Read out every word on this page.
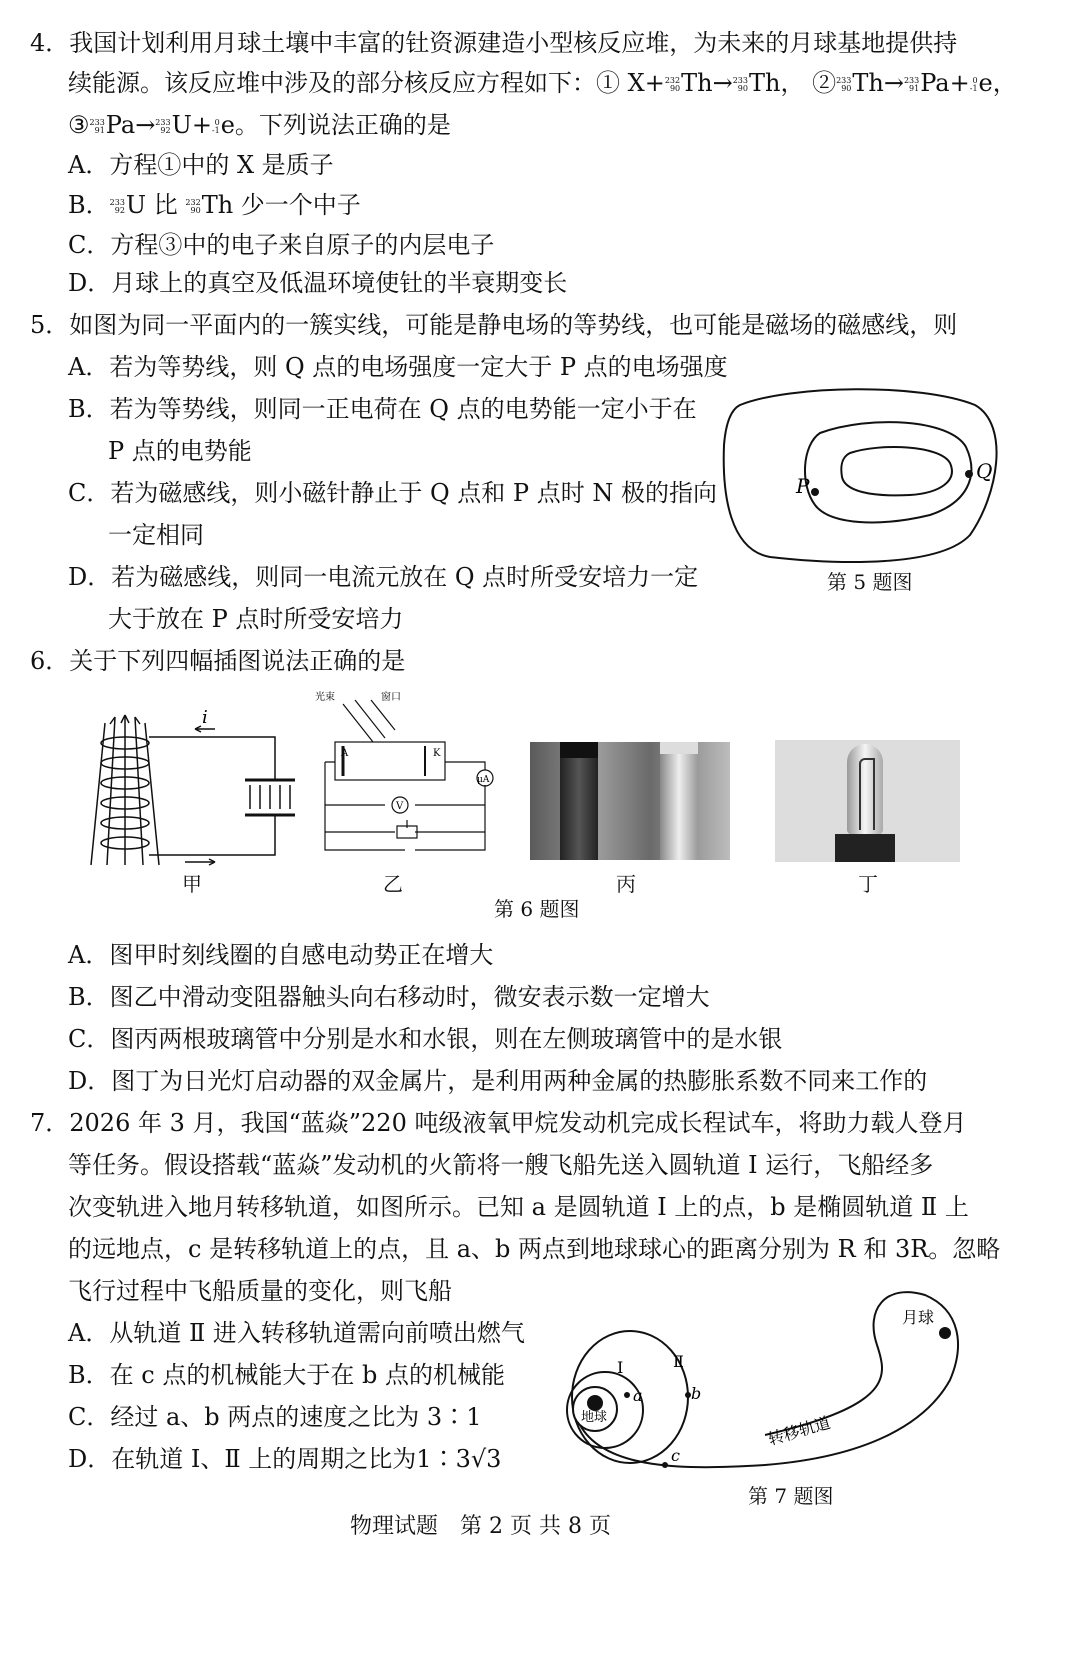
4．我国计划利用月球土壤中丰富的钍资源建造小型核反应堆，为未来的月球基地提供持
续能源。该反应堆中涉及的部分核反应方程如下：① X+ 232
90 Th→ 233
90 Th， ② 233
90 Th→ 233
91 Pa+ 0
-1 e，
③ 233
91 Pa→ 233
92 U+ 0
-1 e。下列说法正确的是
A．方程①中的 X 是质子
B． 233
92 U 比 232
90 Th 少一个中子
C．方程③中的电子来自原子的内层电子
D．月球上的真空及低温环境使钍的半衰期变长
5．如图为同一平面内的一簇实线，可能是静电场的等势线，也可能是磁场的磁感线，则
A．若为等势线，则 Q 点的电场强度一定大于 P 点的电场强度
B．若为等势线，则同一正电荷在 Q 点的电势能一定小于在
P 点的电势能
C．若为磁感线，则小磁针静止于 Q 点和 P 点时 N 极的指向
一定相同
D．若为磁感线，则同一电流元放在 Q 点时所受安培力一定
大于放在 P 点时所受安培力
P
Q
第 5 题图
6．关于下列四幅插图说法正确的是
i
光束	窗口
A	K
μA
V
甲	乙	丙	丁
第 6 题图
A．图甲时刻线圈的自感电动势正在增大
B．图乙中滑动变阻器触头向右移动时，微安表示数一定增大
C．图丙两根玻璃管中分别是水和水银，则在左侧玻璃管中的是水银
D．图丁为日光灯启动器的双金属片，是利用两种金属的热膨胀系数不同来工作的
7．2026 年 3 月，我国“蓝焱”220 吨级液氧甲烷发动机完成长程试车，将助力载人登月
等任务。假设搭载“蓝焱”发动机的火箭将一艘飞船先送入圆轨道 Ⅰ 运行，飞船经多
次变轨进入地月转移轨道，如图所示。已知 a 是圆轨道 Ⅰ 上的点，b 是椭圆轨道 Ⅱ 上
的远地点，c 是转移轨道上的点，且 a、b 两点到地球球心的距离分别为 R 和 3R。忽略
飞行过程中飞船质量的变化，则飞船
A．从轨道 Ⅱ 进入转移轨道需向前喷出燃气
B．在 c 点的机械能大于在 b 点的机械能
C．经过 a、b 两点的速度之比为 3∶1
D．在轨道 Ⅰ、Ⅱ 上的周期之比为1∶3√3
月球
地球
Ⅰ	Ⅱ
a	b
c
转移轨道
第 7 题图
物理试题　第 2 页 共 8 页
